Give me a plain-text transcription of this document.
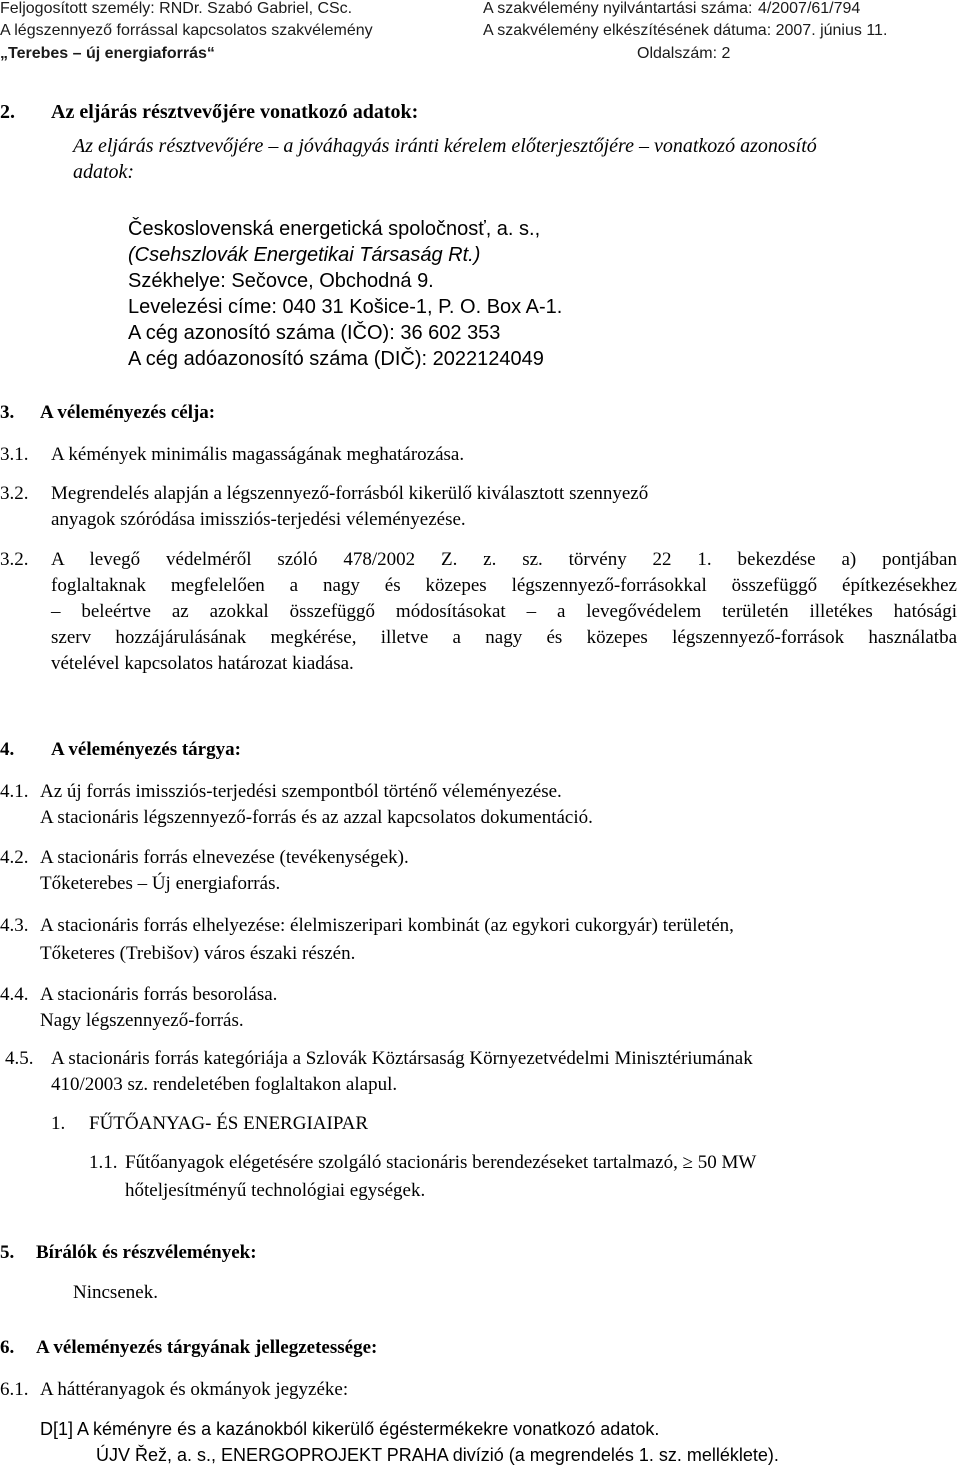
Feljogosított személy: RNDr. Szabó Gabriel, CSc.	A szakvélemény nyilvántartási száma: 4/2007/61/794
A légszennyező forrással kapcsolatos szakvélemény	A szakvélemény elkészítésének dátuma: 2007. június 11.
„Terebes – új energiaforrás“	Oldalszám: 2
2. Az eljárás résztvevőjére vonatkozó adatok:
Az eljárás résztvevőjére – a jóváhagyás iránti kérelem előterjesztőjére – vonatkozó azonosító
adatok:
Československá energetická spoločnosť, a. s.,
(Csehszlovák Energetikai Társaság Rt.)
Székhelye: Sečovce, Obchodná 9.
Levelezési címe: 040 31 Košice-1, P. O. Box A-1.
A cég azonosító száma (IČO): 36 602 353
A cég adóazonosító száma (DIČ): 2022124049
3. A véleményezés célja:
3.1. A kémények minimális magasságának meghatározása.
3.2. Megrendelés alapján a légszennyező-forrásból kikerülő kiválasztott szennyező
anyagok szóródása imissziós-terjedési véleményezése.
3.2. A levegő védelméről szóló 478/2002 Z. z. sz. törvény 22 1. bekezdése a) pontjában
foglaltaknak megfelelően a nagy és közepes légszennyező-forrásokkal összefüggő építkezésekhez
– beleértve az azokkal összefüggő módosításokat – a levegővédelem területén illetékes hatósági
szerv hozzájárulásának megkérése, illetve a nagy és közepes légszennyező-források használatba
vételével kapcsolatos határozat kiadása.
4. A véleményezés tárgya:
4.1. Az új forrás imissziós-terjedési szempontból történő véleményezése.
A stacionáris légszennyező-forrás és az azzal kapcsolatos dokumentáció.
4.2. A stacionáris forrás elnevezése (tevékenységek).
Tőketerebes – Új energiaforrás.
4.3. A stacionáris forrás elhelyezése: élelmiszeripari kombinát (az egykori cukorgyár) területén,
Tőketeres (Trebišov) város északi részén.
4.4. A stacionáris forrás besorolása.
Nagy légszennyező-forrás.
4.5. A stacionáris forrás kategóriája a Szlovák Köztársaság Környezetvédelmi Minisztériumának
410/2003 sz. rendeletében foglaltakon alapul.
1. FŰTŐANYAG- ÉS ENERGIAIPAR
1.1. Fűtőanyagok elégetésére szolgáló stacionáris berendezéseket tartalmazó, ≥ 50 MW
hőteljesítményű technológiai egységek.
5. Bírálók és részvélemények:
Nincsenek.
6. A véleményezés tárgyának jellegzetessége:
6.1. A háttéranyagok és okmányok jegyzéke:
D[1] A kéményre és a kazánokból kikerülő égéstermékekre vonatkozó adatok.
ÚJV Řež, a. s., ENERGOPROJEKT PRAHA divízió (a megrendelés 1. sz. melléklete).
